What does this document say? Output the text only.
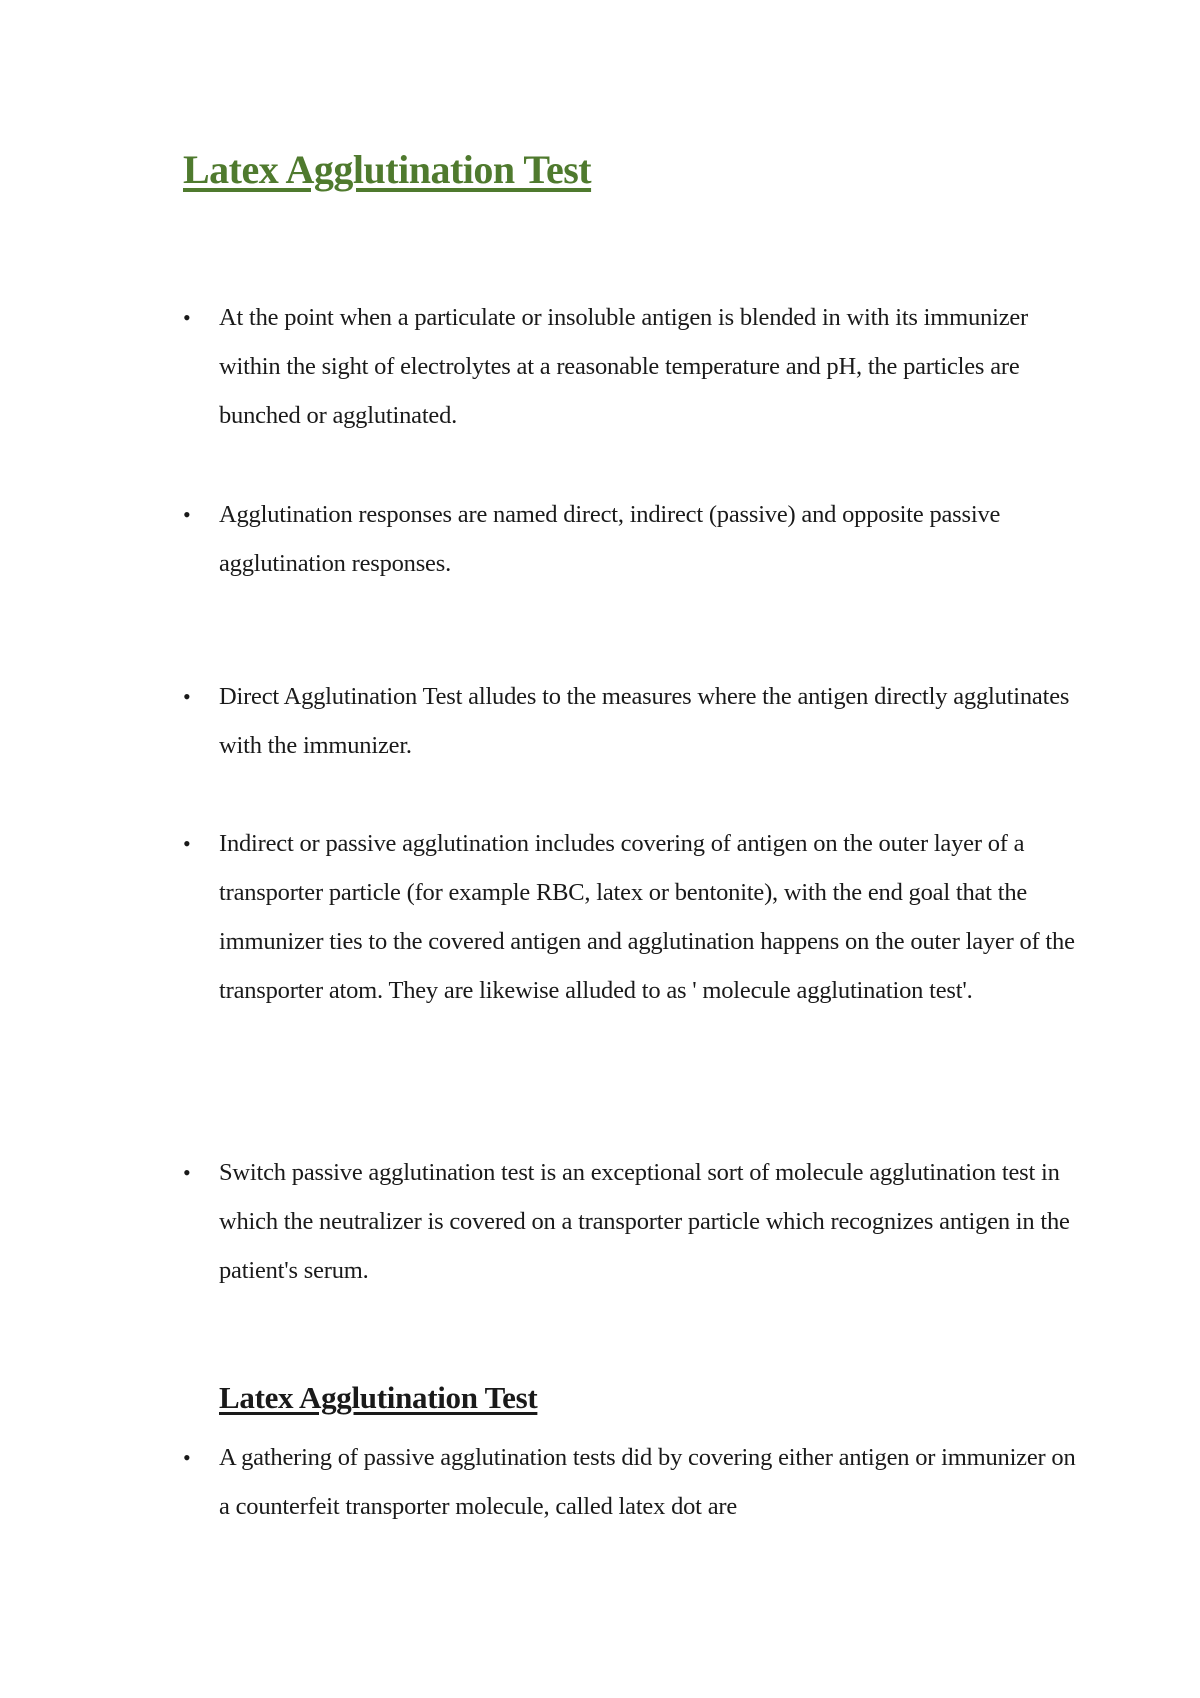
Latex Agglutination Test
• At the point when a particulate or insoluble antigen is blended in with its immunizer within the sight of electrolytes at a reasonable temperature and pH, the particles are bunched or agglutinated.

• Agglutination responses are named direct, indirect (passive) and opposite passive agglutination responses.

• Direct Agglutination Test alludes to the measures where the antigen directly agglutinates with the immunizer.

• Indirect or passive agglutination includes covering of antigen on the outer layer of a transporter particle (for example RBC, latex or bentonite), with the end goal that the immunizer ties to the covered antigen and agglutination happens on the outer layer of the transporter atom. They are likewise alluded to as ' molecule agglutination test'.

• Switch passive agglutination test is an exceptional sort of molecule agglutination test in which the neutralizer is covered on a transporter particle which recognizes antigen in the patient's serum.

Latex Agglutination Test
• A gathering of passive agglutination tests did by covering either antigen or immunizer on a counterfeit transporter molecule, called latex dot are
